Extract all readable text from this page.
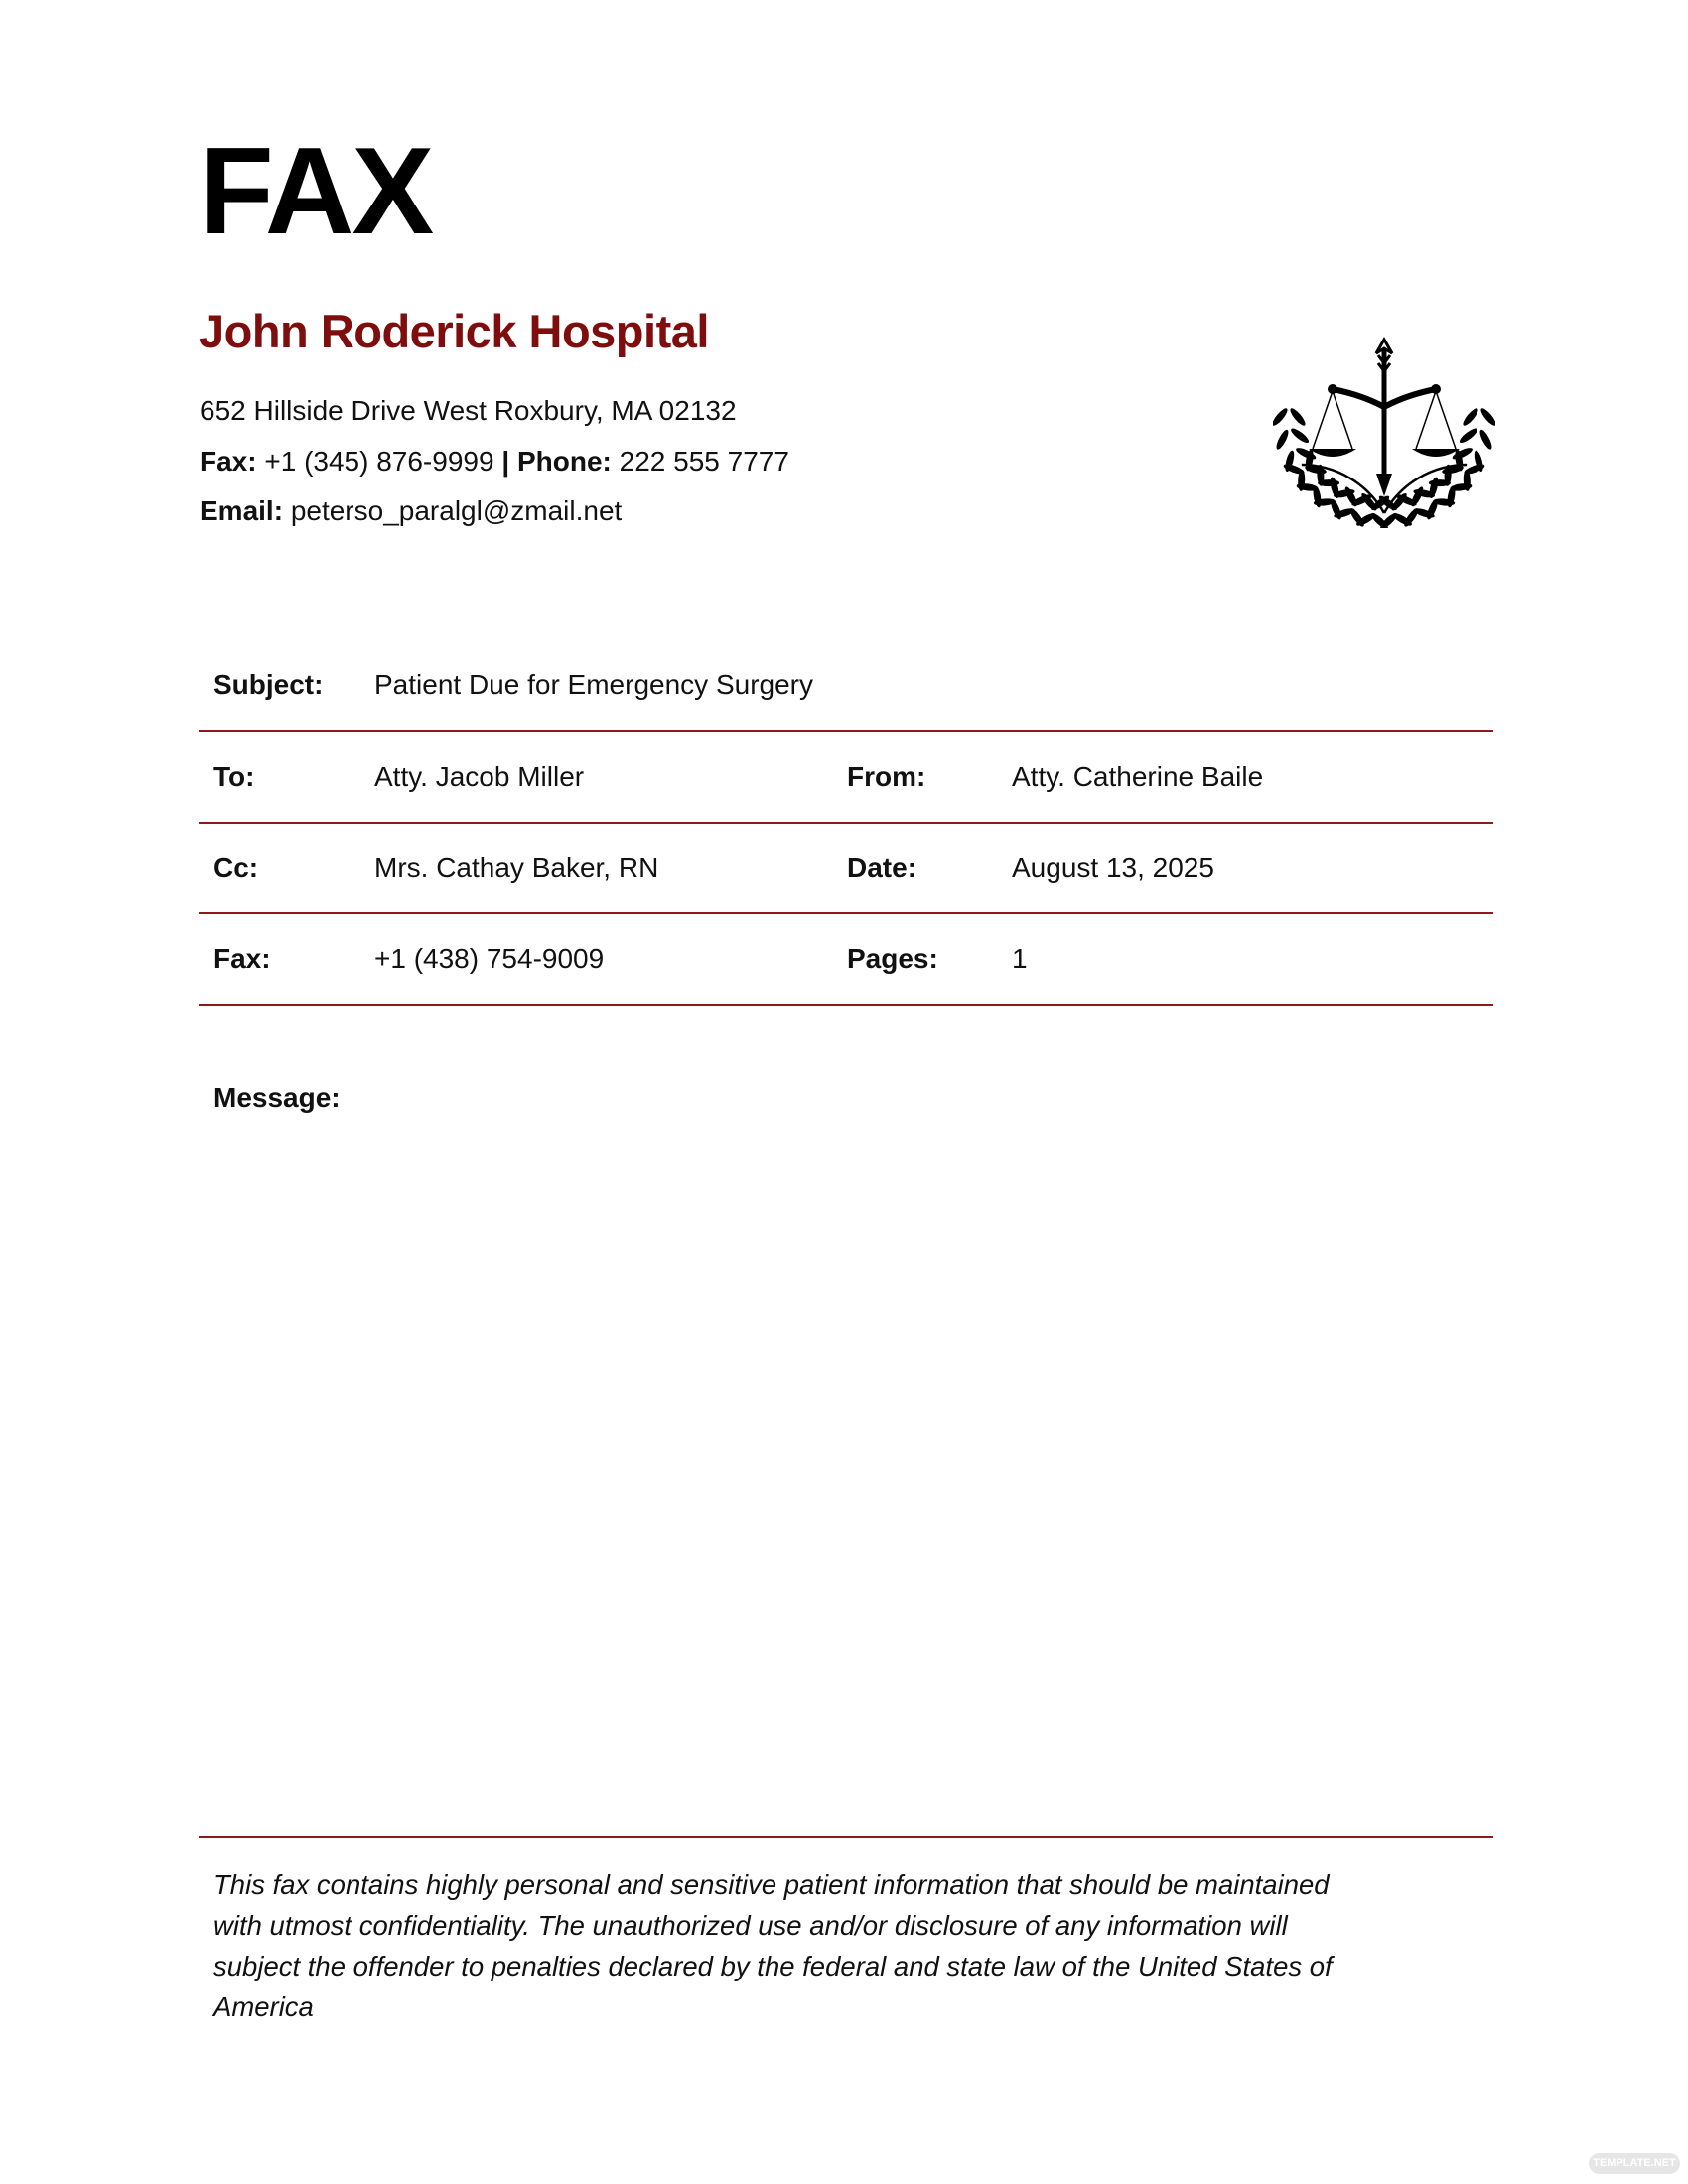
FAX
John Roderick Hospital
652 Hillside Drive West Roxbury, MA 02132
Fax: +1 (345) 876-9999 | Phone: 222 555 7777
Email: peterso_paralgl@zmail.net
Subject: Patient Due for Emergency Surgery
To:	Atty. Jacob Miller	From:	Atty. Catherine Baile
Cc:	Mrs. Cathay Baker, RN	Date:	August 13, 2025
Fax:	+1 (438) 754-9009	Pages:	1
Message:
This fax contains highly personal and sensitive patient information that should be maintained
with utmost confidentiality. The unauthorized use and/or disclosure of any information will
subject the offender to penalties declared by the federal and state law of the United States of
America
TEMPLATE.NET
